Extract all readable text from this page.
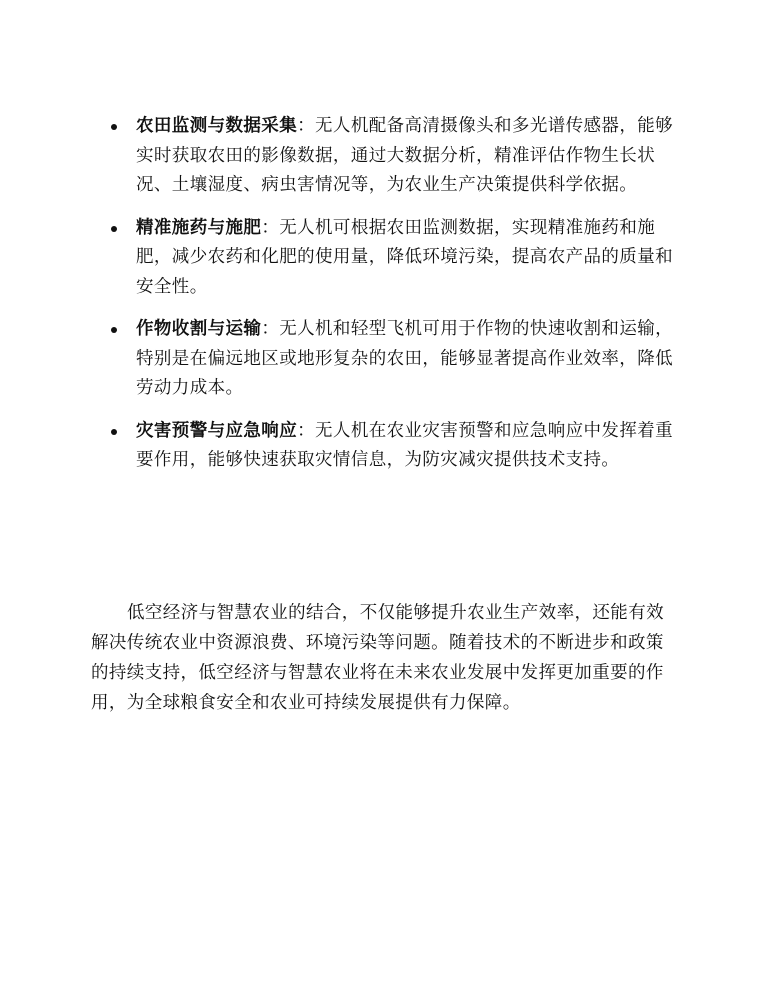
农田监测与数据采集：无人机配备高清摄像头和多光谱传感器，能够实时获取农田的影像数据，通过大数据分析，精准评估作物生长状况、土壤湿度、病虫害情况等，为农业生产决策提供科学依据。
精准施药与施肥：无人机可根据农田监测数据，实现精准施药和施肥，减少农药和化肥的使用量，降低环境污染，提高农产品的质量和安全性。
作物收割与运输：无人机和轻型飞机可用于作物的快速收割和运输，特别是在偏远地区或地形复杂的农田，能够显著提高作业效率，降低劳动力成本。
灾害预警与应急响应：无人机在农业灾害预警和应急响应中发挥着重要作用，能够快速获取灾情信息，为防灾减灾提供技术支持。

低空经济与智慧农业的结合，不仅能够提升农业生产效率，还能有效解决传统农业中资源浪费、环境污染等问题。随着技术的不断进步和政策的持续支持，低空经济与智慧农业将在未来农业发展中发挥更加重要的作用，为全球粮食安全和农业可持续发展提供有力保障。
